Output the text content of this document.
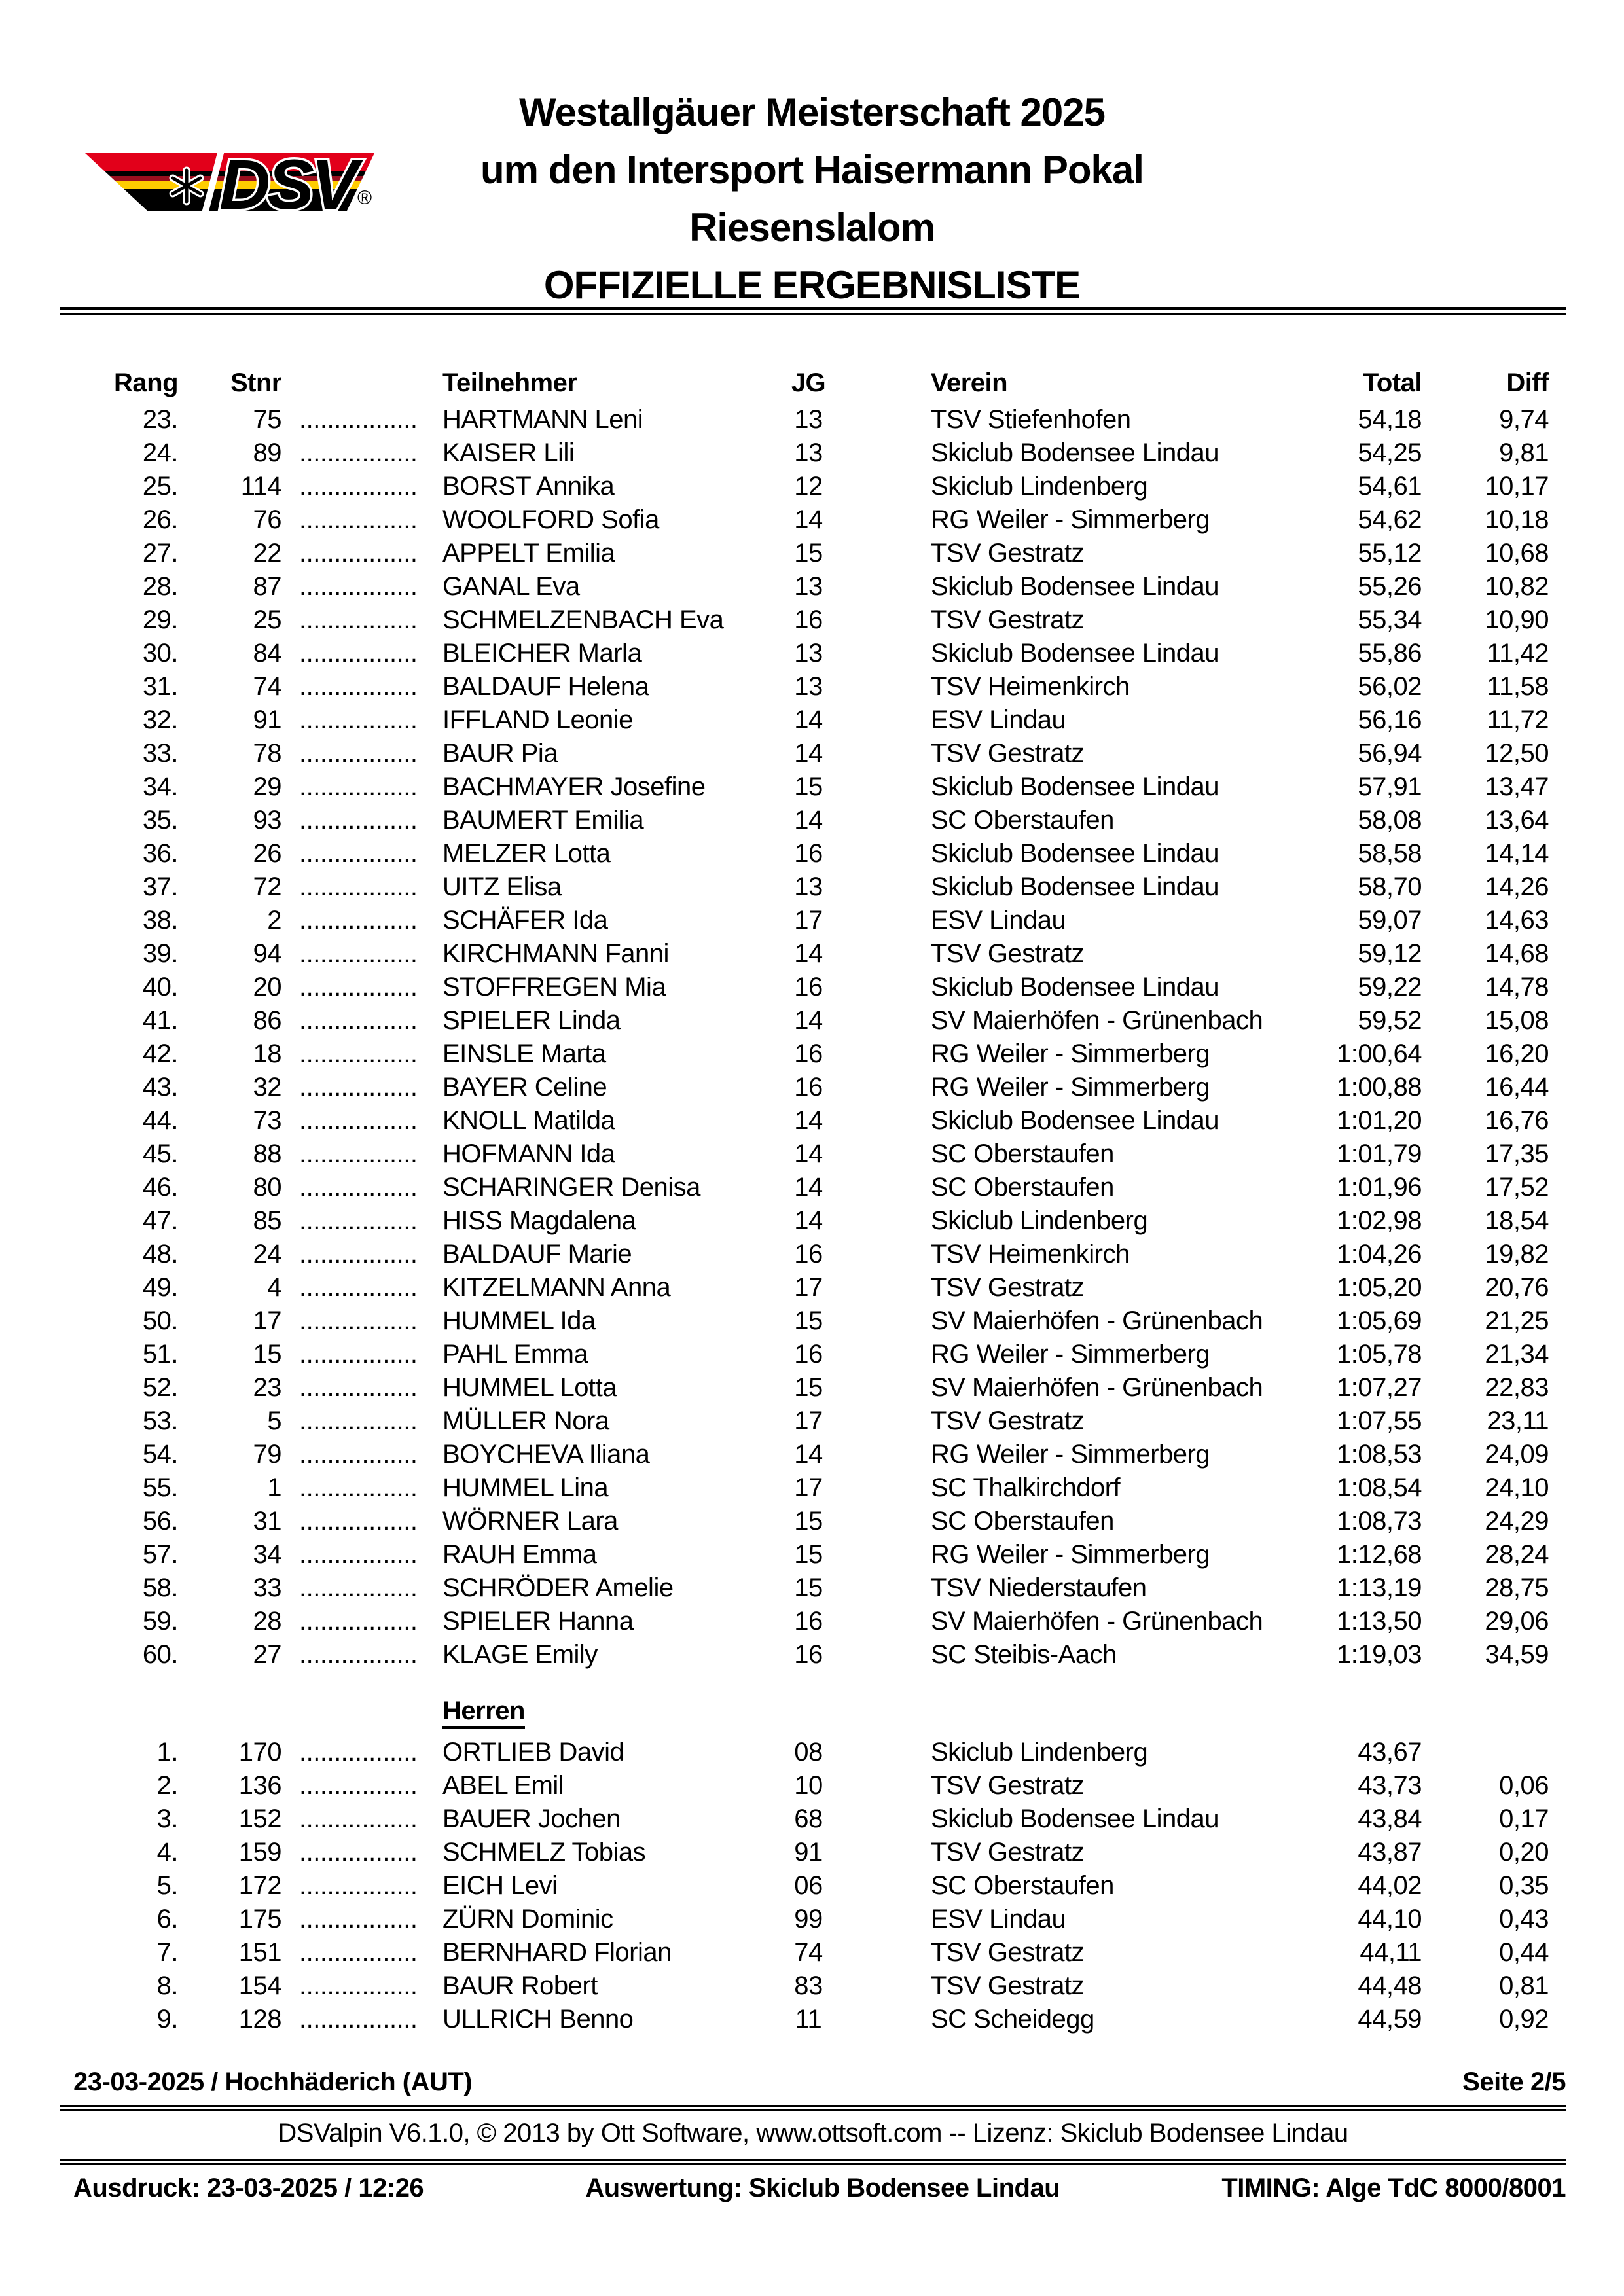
DSV ®
Westallgäuer Meisterschaft 2025
um den Intersport Haisermann Pokal
Riesenslalom
OFFIZIELLE ERGEBNISLISTE
Rang	Stnr	Teilnehmer	JG	Verein	Total	Diff
23.	75 ................. HARTMANN Leni	13	TSV Stiefenhofen	54,18	9,74
24.	89 ................. KAISER Lili	13	Skiclub Bodensee Lindau	54,25	9,81
25.	114 ................. BORST Annika	12	Skiclub Lindenberg	54,61	10,17
26.	76 ................. WOOLFORD Sofia	14	RG Weiler - Simmerberg	54,62	10,18
27.	22 ................. APPELT Emilia	15	TSV Gestratz	55,12	10,68
28.	87 ................. GANAL Eva	13	Skiclub Bodensee Lindau	55,26	10,82
29.	25 ................. SCHMELZENBACH Eva	16	TSV Gestratz	55,34	10,90
30.	84 ................. BLEICHER Marla	13	Skiclub Bodensee Lindau	55,86	11,42
31.	74 ................. BALDAUF Helena	13	TSV Heimenkirch	56,02	11,58
32.	91 ................. IFFLAND Leonie	14	ESV Lindau	56,16	11,72
33.	78 ................. BAUR Pia	14	TSV Gestratz	56,94	12,50
34.	29 ................. BACHMAYER Josefine	15	Skiclub Bodensee Lindau	57,91	13,47
35.	93 ................. BAUMERT Emilia	14	SC Oberstaufen	58,08	13,64
36.	26 ................. MELZER Lotta	16	Skiclub Bodensee Lindau	58,58	14,14
37.	72 ................. UITZ Elisa	13	Skiclub Bodensee Lindau	58,70	14,26
38.	2 ................. SCHÄFER Ida	17	ESV Lindau	59,07	14,63
39.	94 ................. KIRCHMANN Fanni	14	TSV Gestratz	59,12	14,68
40.	20 ................. STOFFREGEN Mia	16	Skiclub Bodensee Lindau	59,22	14,78
41.	86 ................. SPIELER Linda	14	SV Maierhöfen - Grünenbach	59,52	15,08
42.	18 ................. EINSLE Marta	16	RG Weiler - Simmerberg	1:00,64	16,20
43.	32 ................. BAYER Celine	16	RG Weiler - Simmerberg	1:00,88	16,44
44.	73 ................. KNOLL Matilda	14	Skiclub Bodensee Lindau	1:01,20	16,76
45.	88 ................. HOFMANN Ida	14	SC Oberstaufen	1:01,79	17,35
46.	80 ................. SCHARINGER Denisa	14	SC Oberstaufen	1:01,96	17,52
47.	85 ................. HISS Magdalena	14	Skiclub Lindenberg	1:02,98	18,54
48.	24 ................. BALDAUF Marie	16	TSV Heimenkirch	1:04,26	19,82
49.	4 ................. KITZELMANN Anna	17	TSV Gestratz	1:05,20	20,76
50.	17 ................. HUMMEL Ida	15	SV Maierhöfen - Grünenbach	1:05,69	21,25
51.	15 ................. PAHL Emma	16	RG Weiler - Simmerberg	1:05,78	21,34
52.	23 ................. HUMMEL Lotta	15	SV Maierhöfen - Grünenbach	1:07,27	22,83
53.	5 ................. MÜLLER Nora	17	TSV Gestratz	1:07,55	23,11
54.	79 ................. BOYCHEVA Iliana	14	RG Weiler - Simmerberg	1:08,53	24,09
55.	1 ................. HUMMEL Lina	17	SC Thalkirchdorf	1:08,54	24,10
56.	31 ................. WÖRNER Lara	15	SC Oberstaufen	1:08,73	24,29
57.	34 ................. RAUH Emma	15	RG Weiler - Simmerberg	1:12,68	28,24
58.	33 ................. SCHRÖDER Amelie	15	TSV Niederstaufen	1:13,19	28,75
59.	28 ................. SPIELER Hanna	16	SV Maierhöfen - Grünenbach	1:13,50	29,06
60.	27 ................. KLAGE Emily	16	SC Steibis-Aach	1:19,03	34,59
Herren
1.	170 ................. ORTLIEB David	08	Skiclub Lindenberg	43,67
2.	136 ................. ABEL Emil	10	TSV Gestratz	43,73	0,06
3.	152 ................. BAUER Jochen	68	Skiclub Bodensee Lindau	43,84	0,17
4.	159 ................. SCHMELZ Tobias	91	TSV Gestratz	43,87	0,20
5.	172 ................. EICH Levi	06	SC Oberstaufen	44,02	0,35
6.	175 ................. ZÜRN Dominic	99	ESV Lindau	44,10	0,43
7.	151 ................. BERNHARD Florian	74	TSV Gestratz	44,11	0,44
8.	154 ................. BAUR Robert	83	TSV Gestratz	44,48	0,81
9.	128 ................. ULLRICH Benno	11	SC Scheidegg	44,59	0,92
23-03-2025 / Hochhäderich (AUT)	Seite 2/5
DSValpin V6.1.0, © 2013 by Ott Software, www.ottsoft.com -- Lizenz: Skiclub Bodensee Lindau
Ausdruck: 23-03-2025 / 12:26	Auswertung: Skiclub Bodensee Lindau	TIMING: Alge TdC 8000/8001
